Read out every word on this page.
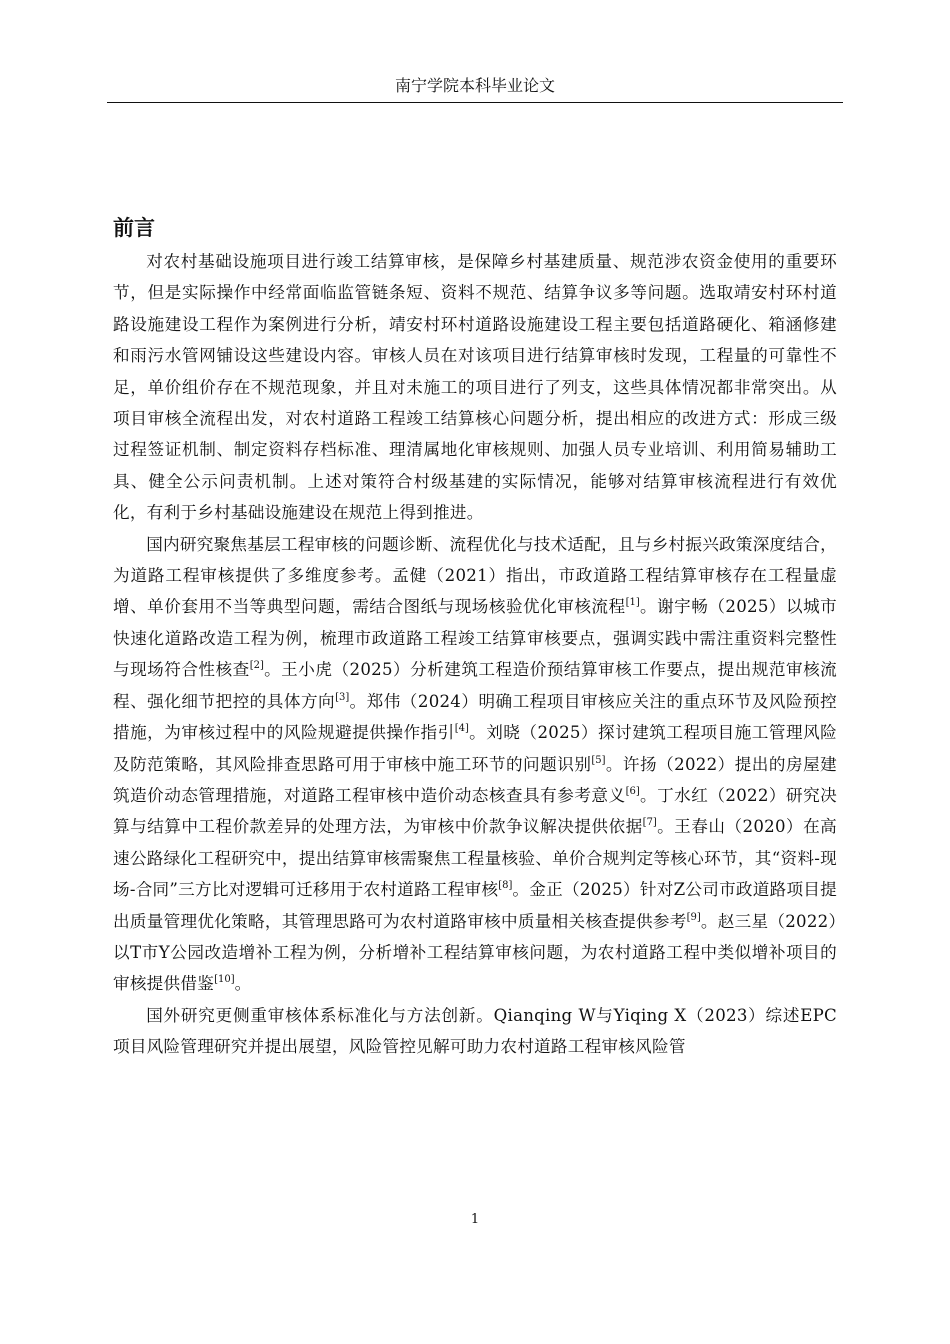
南宁学院本科毕业论文
前言

对农村基础设施项目进行竣工结算审核，是保障乡村基建质量、规范涉农资金使用的重要环节，但是实际操作中经常面临监管链条短、资料不规范、结算争议多等问题。选取靖安村环村道路设施建设工程作为案例进行分析，靖安村环村道路设施建设工程主要包括道路硬化、箱涵修建和雨污水管网铺设这些建设内容。审核人员在对该项目进行结算审核时发现，工程量的可靠性不足，单价组价存在不规范现象，并且对未施工的项目进行了列支，这些具体情况都非常突出。从项目审核全流程出发，对农村道路工程竣工结算核心问题分析，提出相应的改进方式：形成三级过程签证机制、制定资料存档标准、理清属地化审核规则、加强人员专业培训、利用简易辅助工具、健全公示问责机制。上述对策符合村级基建的实际情况，能够对结算审核流程进行有效优化，有利于乡村基础设施建设在规范上得到推进。

国内研究聚焦基层工程审核的问题诊断、流程优化与技术适配，且与乡村振兴政策深度结合，为道路工程审核提供了多维度参考。孟健（2021）指出，市政道路工程结算审核存在工程量虚增、单价套用不当等典型问题，需结合图纸与现场核验优化审核流程[1]。谢宇畅（2025）以城市快速化道路改造工程为例，梳理市政道路工程竣工结算审核要点，强调实践中需注重资料完整性与现场符合性核查[2]。王小虎（2025）分析建筑工程造价预结算审核工作要点，提出规范审核流程、强化细节把控的具体方向[3]。郑伟（2024）明确工程项目审核应关注的重点环节及风险预控措施，为审核过程中的风险规避提供操作指引[4]。刘晓（2025）探讨建筑工程项目施工管理风险及防范策略，其风险排查思路可用于审核中施工环节的问题识别[5]。许扬（2022）提出的房屋建筑造价动态管理措施，对道路工程审核中造价动态核查具有参考意义[6]。丁水红（2022）研究决算与结算中工程价款差异的处理方法，为审核中价款争议解决提供依据[7]。王春山（2020）在高速公路绿化工程研究中，提出结算审核需聚焦工程量核验、单价合规判定等核心环节，其“资料-现场-合同”三方比对逻辑可迁移用于农村道路工程审核[8]。金正（2025）针对Z公司市政道路项目提出质量管理优化策略，其管理思路可为农村道路审核中质量相关核查提供参考[9]。赵三星（2022）以T市Y公园改造增补工程为例，分析增补工程结算审核问题，为农村道路工程中类似增补项目的审核提供借鉴[10]。

国外研究更侧重审核体系标准化与方法创新。Qianqing W与Yiqing X（2023）综述EPC项目风险管理研究并提出展望，风险管控见解可助力农村道路工程审核风险管

1
